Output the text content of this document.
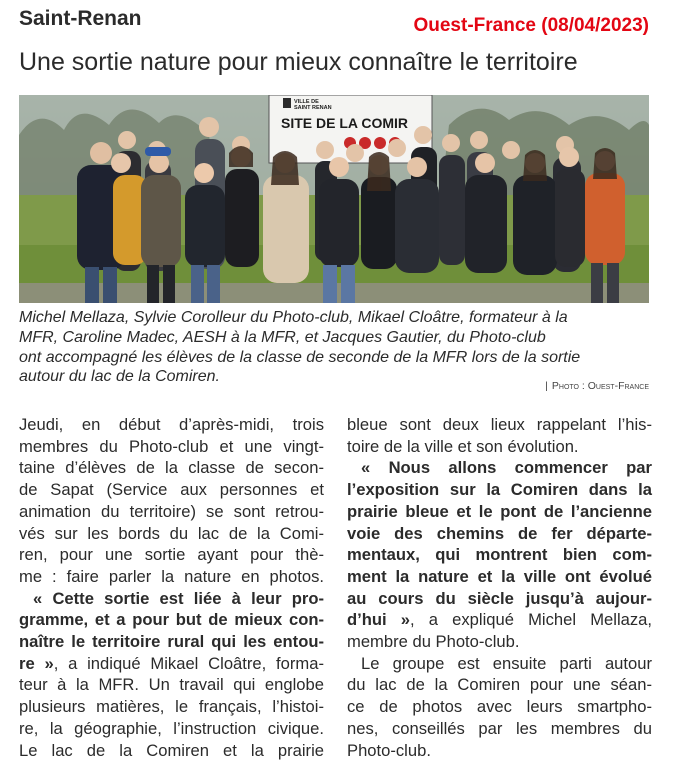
Saint-Renan	Ouest-France (08/04/2023)
Une sortie nature pour mieux connaître le territoire
VILLE DE
SAINT RENAN
SITE DE LA COMIR
Michel Mellaza, Sylvie Corolleur du Photo-club, Mikael Cloâtre, formateur à la
MFR, Caroline Madec, AESH à la MFR, et Jacques Gautier, du Photo-club
ont accompagné les élèves de la classe de seconde de la MFR lors de la sortie
autour du lac de la Comiren.
| Photo : Ouest-France
Jeudi, en début d’après-midi, trois
membres du Photo-club et une vingt-
taine d’élèves de la classe de secon-
de Sapat (Service aux personnes et
animation du territoire) se sont retrou-
vés sur les bords du lac de la Comi-
ren, pour une sortie ayant pour thè-
me : faire parler la nature en photos.
« Cette sortie est liée à leur pro-
gramme, et a pour but de mieux con-
naître le territoire rural qui les entou-
re », a indiqué Mikael Cloâtre, forma-
teur à la MFR. Un travail qui englobe
plusieurs matières, le français, l’histoi-
re, la géographie, l’instruction civique.
Le lac de la Comiren et la prairie
bleue sont deux lieux rappelant l’his-
toire de la ville et son évolution.
« Nous allons commencer par
l’exposition sur la Comiren dans la
prairie bleue et le pont de l’ancienne
voie des chemins de fer départe-
mentaux, qui montrent bien com-
ment la nature et la ville ont évolué
au cours du siècle jusqu’à aujour-
d’hui », a expliqué Michel Mellaza,
membre du Photo-club.
Le groupe est ensuite parti autour
du lac de la Comiren pour une séan-
ce de photos avec leurs smartpho-
nes, conseillés par les membres du
Photo-club.
